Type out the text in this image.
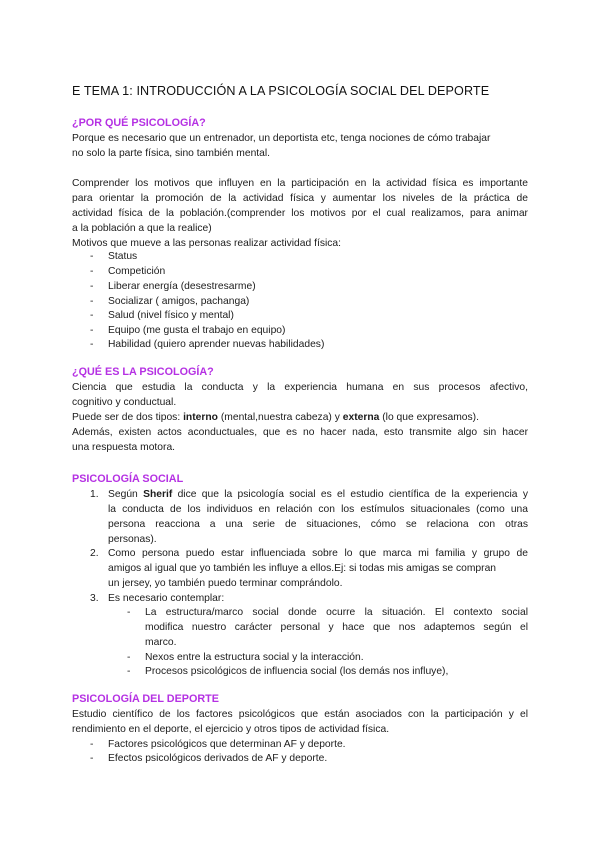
E TEMA 1: INTRODUCCIÓN A LA PSICOLOGÍA SOCIAL DEL DEPORTE
¿POR QUÉ PSICOLOGÍA?
Porque es necesario que un entrenador, un deportista etc, tenga nociones de cómo trabajar
no solo la parte física, sino también mental.
Comprender los motivos que influyen en la participación en la actividad física es importante
para orientar la promoción de la actividad física y aumentar los niveles de la práctica de
actividad física de la población.(comprender los motivos por el cual realizamos, para animar
a la población a que la realice)
Motivos que mueve a las personas realizar actividad física:
- Status
- Competición
- Liberar energía (desestresarme)
- Socializar ( amigos, pachanga)
- Salud (nivel físico y mental)
- Equipo (me gusta el trabajo en equipo)
- Habilidad (quiero aprender nuevas habilidades)
¿QUÉ ES LA PSICOLOGÍA?
Ciencia que estudia la conducta y la experiencia humana en sus procesos afectivo,
cognitivo y conductual.
Puede ser de dos tipos: interno (mental,nuestra cabeza) y externa (lo que expresamos).
Además, existen actos aconductuales, que es no hacer nada, esto transmite algo sin hacer
una respuesta motora.
PSICOLOGÍA SOCIAL
1. Según Sherif dice que la psicología social es el estudio científica de la experiencia y
la conducta de los individuos en relación con los estímulos situacionales (como una
persona reacciona a una serie de situaciones, cómo se relaciona con otras
personas).
2. Como persona puedo estar influenciada sobre lo que marca mi familia y grupo de
amigos al igual que yo también les influye a ellos.Ej: si todas mis amigas se compran
un jersey, yo también puedo terminar comprándolo.
3. Es necesario contemplar:
- La estructura/marco social donde ocurre la situación. El contexto social
modifica nuestro carácter personal y hace que nos adaptemos según el
marco.
- Nexos entre la estructura social y la interacción.
- Procesos psicológicos de influencia social (los demás nos influye),
PSICOLOGÍA DEL DEPORTE
Estudio científico de los factores psicológicos que están asociados con la participación y el
rendimiento en el deporte, el ejercicio y otros tipos de actividad física.
- Factores psicológicos que determinan AF y deporte.
- Efectos psicológicos derivados de AF y deporte.
